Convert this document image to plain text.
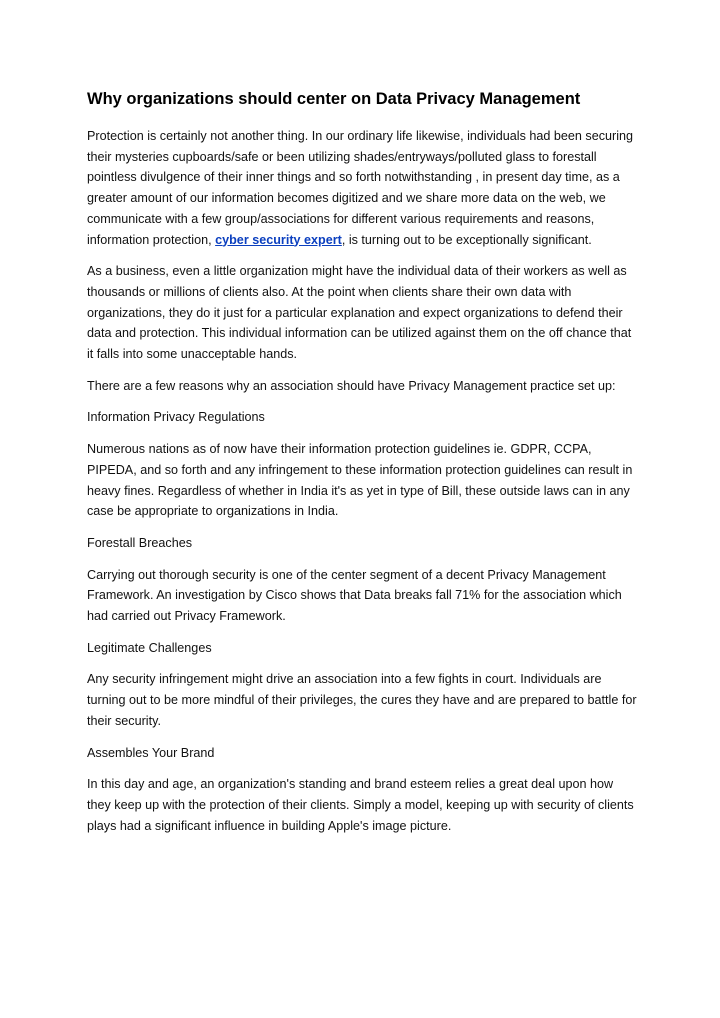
Why organizations should center on Data Privacy Management

Protection is certainly not another thing. In our ordinary life likewise, individuals had been securing their mysteries cupboards/safe or been utilizing shades/entryways/polluted glass to forestall pointless divulgence of their inner things and so forth notwithstanding , in present day time, as a greater amount of our information becomes digitized and we share more data on the web, we communicate with a few group/associations for different various requirements and reasons, information protection, cyber security expert, is turning out to be exceptionally significant.

As a business, even a little organization might have the individual data of their workers as well as thousands or millions of clients also. At the point when clients share their own data with organizations, they do it just for a particular explanation and expect organizations to defend their data and protection. This individual information can be utilized against them on the off chance that it falls into some unacceptable hands.

There are a few reasons why an association should have Privacy Management practice set up:

Information Privacy Regulations

Numerous nations as of now have their information protection guidelines ie. GDPR, CCPA, PIPEDA, and so forth and any infringement to these information protection guidelines can result in heavy fines. Regardless of whether in India it's as yet in type of Bill, these outside laws can in any case be appropriate to organizations in India.

Forestall Breaches

Carrying out thorough security is one of the center segment of a decent Privacy Management Framework. An investigation by Cisco shows that Data breaks fall 71% for the association which had carried out Privacy Framework.

Legitimate Challenges

Any security infringement might drive an association into a few fights in court. Individuals are turning out to be more mindful of their privileges, the cures they have and are prepared to battle for their security.

Assembles Your Brand

In this day and age, an organization's standing and brand esteem relies a great deal upon how they keep up with the protection of their clients. Simply a model, keeping up with security of clients plays had a significant influence in building Apple's image picture.
